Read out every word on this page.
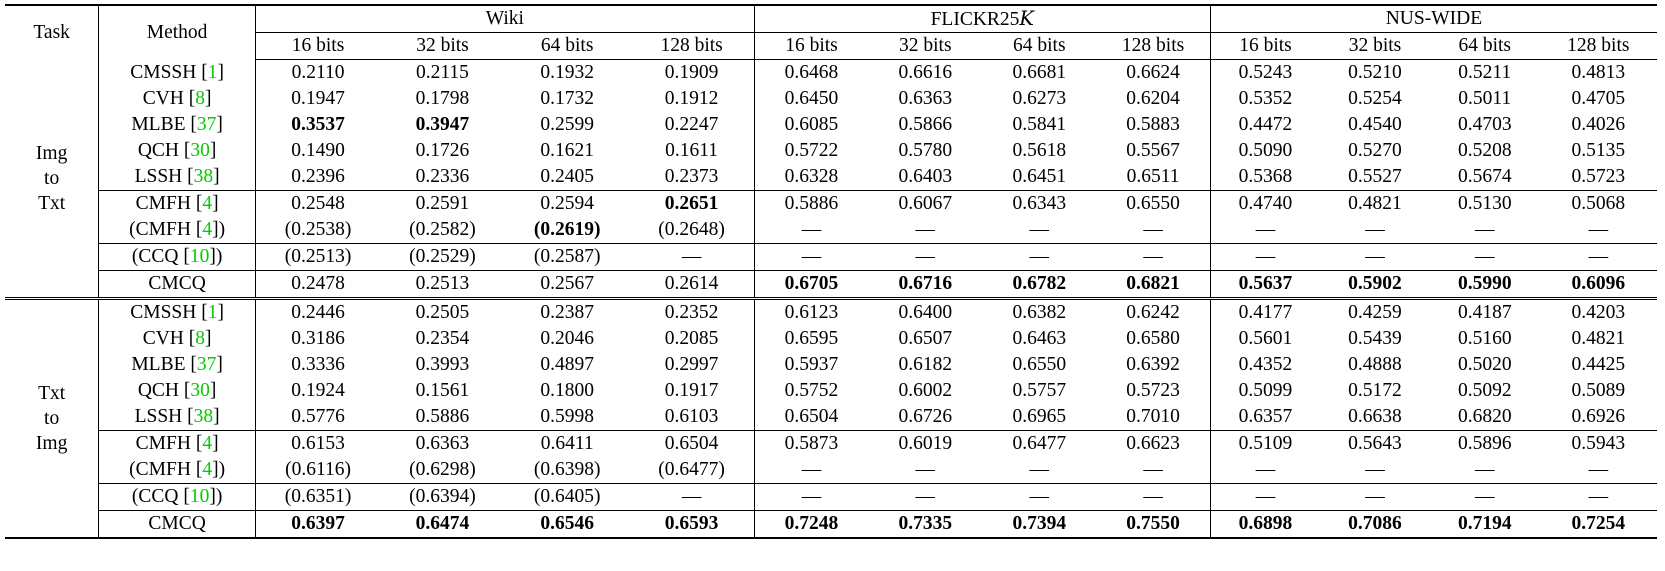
Task	Method	Wiki				FLICKR25K				NUS-WIDE			
		16 bits	32 bits	64 bits	128 bits	16 bits	32 bits	64 bits	128 bits	16 bits	32 bits	64 bits	128 bits

Img
to
Txt	CMSSH [1]	0.2110	0.2115	0.1932	0.1909	0.6468	0.6616	0.6681	0.6624	0.5243	0.5210	0.5211	0.4813
	CVH [8]	0.1947	0.1798	0.1732	0.1912	0.6450	0.6363	0.6273	0.6204	0.5352	0.5254	0.5011	0.4705
	MLBE [37]	0.3537	0.3947	0.2599	0.2247	0.6085	0.5866	0.5841	0.5883	0.4472	0.4540	0.4703	0.4026
	QCH [30]	0.1490	0.1726	0.1621	0.1611	0.5722	0.5780	0.5618	0.5567	0.5090	0.5270	0.5208	0.5135
	LSSH [38]	0.2396	0.2336	0.2405	0.2373	0.6328	0.6403	0.6451	0.6511	0.5368	0.5527	0.5674	0.5723
	CMFH [4]	0.2548	0.2591	0.2594	0.2651	0.5886	0.6067	0.6343	0.6550	0.4740	0.4821	0.5130	0.5068
	(CMFH [4])	(0.2538)	(0.2582)	(0.2619)	(0.2648)	—	—	—	—	—	—	—	—
	(CCQ [10])	(0.2513)	(0.2529)	(0.2587)	—	—	—	—	—	—	—	—	—
	CMCQ	0.2478	0.2513	0.2567	0.2614	0.6705	0.6716	0.6782	0.6821	0.5637	0.5902	0.5990	0.6096

Txt
to
Img	CMSSH [1]	0.2446	0.2505	0.2387	0.2352	0.6123	0.6400	0.6382	0.6242	0.4177	0.4259	0.4187	0.4203
	CVH [8]	0.3186	0.2354	0.2046	0.2085	0.6595	0.6507	0.6463	0.6580	0.5601	0.5439	0.5160	0.4821
	MLBE [37]	0.3336	0.3993	0.4897	0.2997	0.5937	0.6182	0.6550	0.6392	0.4352	0.4888	0.5020	0.4425
	QCH [30]	0.1924	0.1561	0.1800	0.1917	0.5752	0.6002	0.5757	0.5723	0.5099	0.5172	0.5092	0.5089
	LSSH [38]	0.5776	0.5886	0.5998	0.6103	0.6504	0.6726	0.6965	0.7010	0.6357	0.6638	0.6820	0.6926
	CMFH [4]	0.6153	0.6363	0.6411	0.6504	0.5873	0.6019	0.6477	0.6623	0.5109	0.5643	0.5896	0.5943
	(CMFH [4])	(0.6116)	(0.6298)	(0.6398)	(0.6477)	—	—	—	—	—	—	—	—
	(CCQ [10])	(0.6351)	(0.6394)	(0.6405)	—	—	—	—	—	—	—	—	—
	CMCQ	0.6397	0.6474	0.6546	0.6593	0.7248	0.7335	0.7394	0.7550	0.6898	0.7086	0.7194	0.7254
